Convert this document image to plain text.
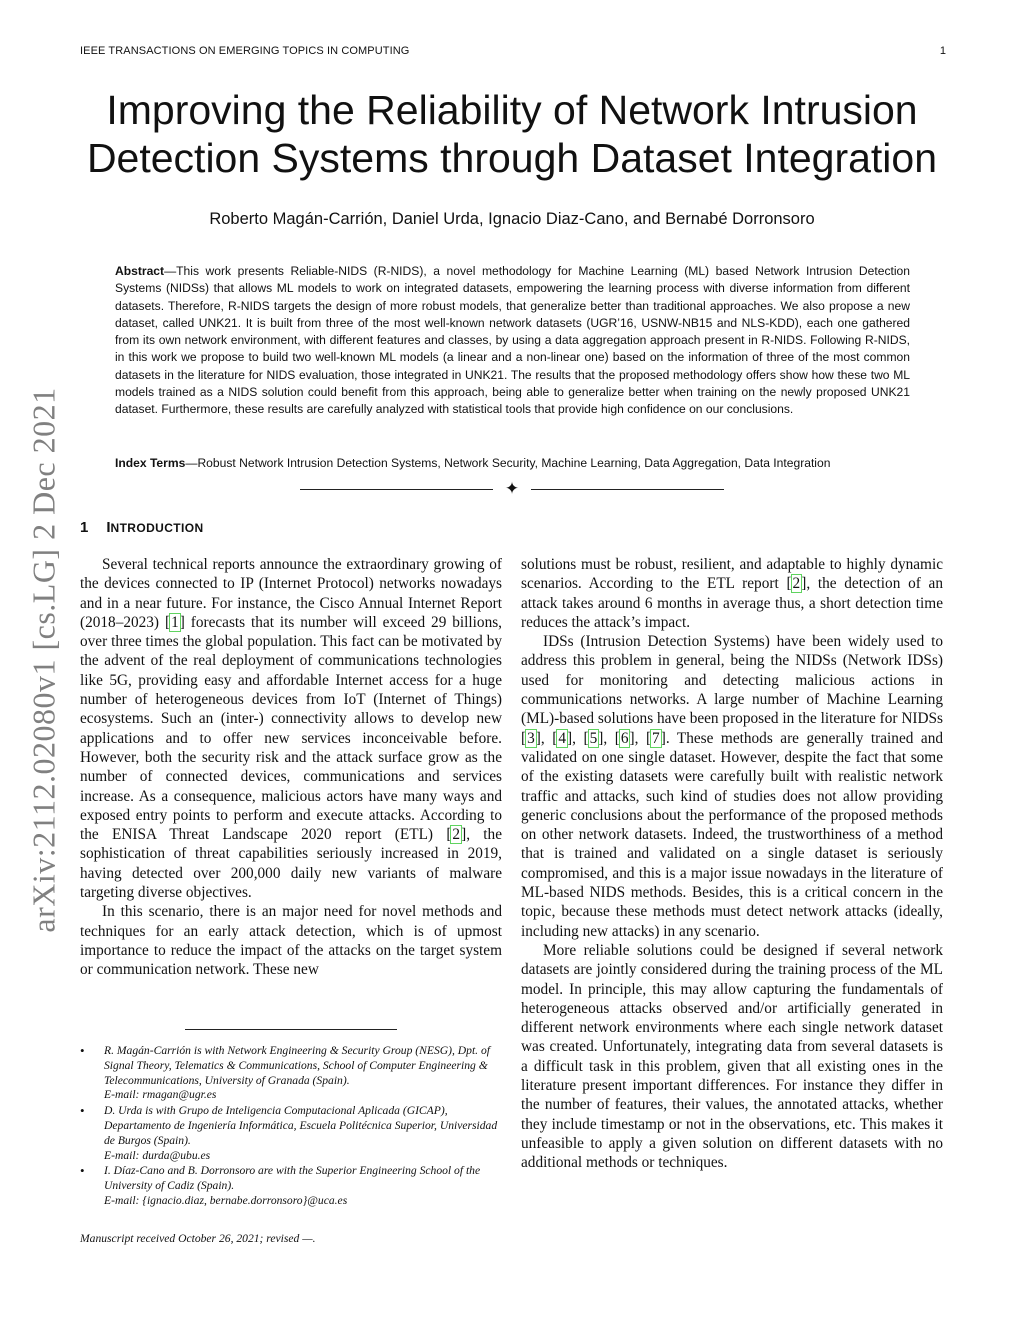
IEEE TRANSACTIONS ON EMERGING TOPICS IN COMPUTING	1
arXiv:2112.02080v1 [cs.LG] 2 Dec 2021
Improving the Reliability of Network Intrusion
Detection Systems through Dataset Integration
Roberto Magán-Carrión, Daniel Urda, Ignacio Diaz-Cano, and Bernabé Dorronsoro

Abstract—This work presents Reliable-NIDS (R-NIDS), a novel methodology for Machine Learning (ML) based Network Intrusion Detection Systems (NIDSs) that allows ML models to work on integrated datasets, empowering the learning process with diverse information from different datasets. Therefore, R-NIDS targets the design of more robust models, that generalize better than traditional approaches. We also propose a new dataset, called UNK21. It is built from three of the most well-known network datasets (UGR’16, USNW-NB15 and NLS-KDD), each one gathered from its own network environment, with different features and classes, by using a data aggregation approach present in R-NIDS. Following R-NIDS, in this work we propose to build two well-known ML models (a linear and a non-linear one) based on the information of three of the most common datasets in the literature for NIDS evaluation, those integrated in UNK21. The results that the proposed methodology offers show how these two ML models trained as a NIDS solution could benefit from this approach, being able to generalize better when training on the newly proposed UNK21 dataset. Furthermore, these results are carefully analyzed with statistical tools that provide high confidence on our conclusions.

Index Terms—Robust Network Intrusion Detection Systems, Network Security, Machine Learning, Data Aggregation, Data Integration

✦
1 INTRODUCTION

Several technical reports announce the extraordinary growing of the devices connected to IP (Internet Protocol) networks nowadays and in a near future. For instance, the Cisco Annual Internet Report (2018–2023) [1] forecasts that its number will exceed 29 billions, over three times the global population. This fact can be motivated by the advent of the real deployment of communications technologies like 5G, providing easy and affordable Internet access for a huge number of heterogeneous devices from IoT (Internet of Things) ecosystems. Such an (inter-) connectivity allows to develop new applications and to offer new services inconceivable before. However, both the security risk and the attack surface grow as the number of connected devices, communications and services increase. As a consequence, malicious actors have many ways and exposed entry points to perform and execute attacks. According to the ENISA Threat Landscape 2020 report (ETL) [2], the sophistication of threat capabilities seriously increased in 2019, having detected over 200,000 daily new variants of malware targeting diverse objectives.

In this scenario, there is an major need for novel methods and techniques for an early attack detection, which is of upmost importance to reduce the impact of the attacks on the target system or communication network. These new

solutions must be robust, resilient, and adaptable to highly dynamic scenarios. According to the ETL report [2], the detection of an attack takes around 6 months in average thus, a short detection time reduces the attack’s impact.

IDSs (Intrusion Detection Systems) have been widely used to address this problem in general, being the NIDSs (Network IDSs) used for monitoring and detecting malicious actions in communications networks. A large number of Machine Learning (ML)-based solutions have been proposed in the literature for NIDSs [3], [4], [5], [6], [7]. These methods are generally trained and validated on one single dataset. However, despite the fact that some of the existing datasets were carefully built with realistic network traffic and attacks, such kind of studies does not allow providing generic conclusions about the performance of the proposed methods on other network datasets. Indeed, the trustworthiness of a method that is trained and validated on a single dataset is seriously compromised, and this is a major issue nowadays in the literature of ML-based NIDS methods. Besides, this is a critical concern in the topic, because these methods must detect network attacks (ideally, including new attacks) in any scenario.

More reliable solutions could be designed if several network datasets are jointly considered during the training process of the ML model. In principle, this may allow capturing the fundamentals of heterogeneous attacks observed and/or artificially generated in different network environments where each single network dataset was created. Unfortunately, integrating data from several datasets is a difficult task in this problem, given that all existing ones in the literature present important differences. For instance they differ in the number of features, their values, the annotated attacks, whether they include timestamp or not in the observations, etc. This makes it unfeasible to apply a given solution on different datasets with no additional methods or techniques.

• R. Magán-Carrión is with Network Engineering & Security Group (NESG), Dpt. of Signal Theory, Telematics & Communications, School of Computer Engineering & Telecommunications, University of Granada (Spain).
E-mail: rmagan@ugr.es
• D. Urda is with Grupo de Inteligencia Computacional Aplicada (GICAP), Departamento de Ingeniería Informática, Escuela Politécnica Superior, Universidad de Burgos (Spain).
E-mail: durda@ubu.es
• I. Díaz-Cano and B. Dorronsoro are with the Superior Engineering School of the University of Cadiz (Spain).
E-mail: {ignacio.diaz, bernabe.dorronsoro}@uca.es
Manuscript received October 26, 2021; revised —.
